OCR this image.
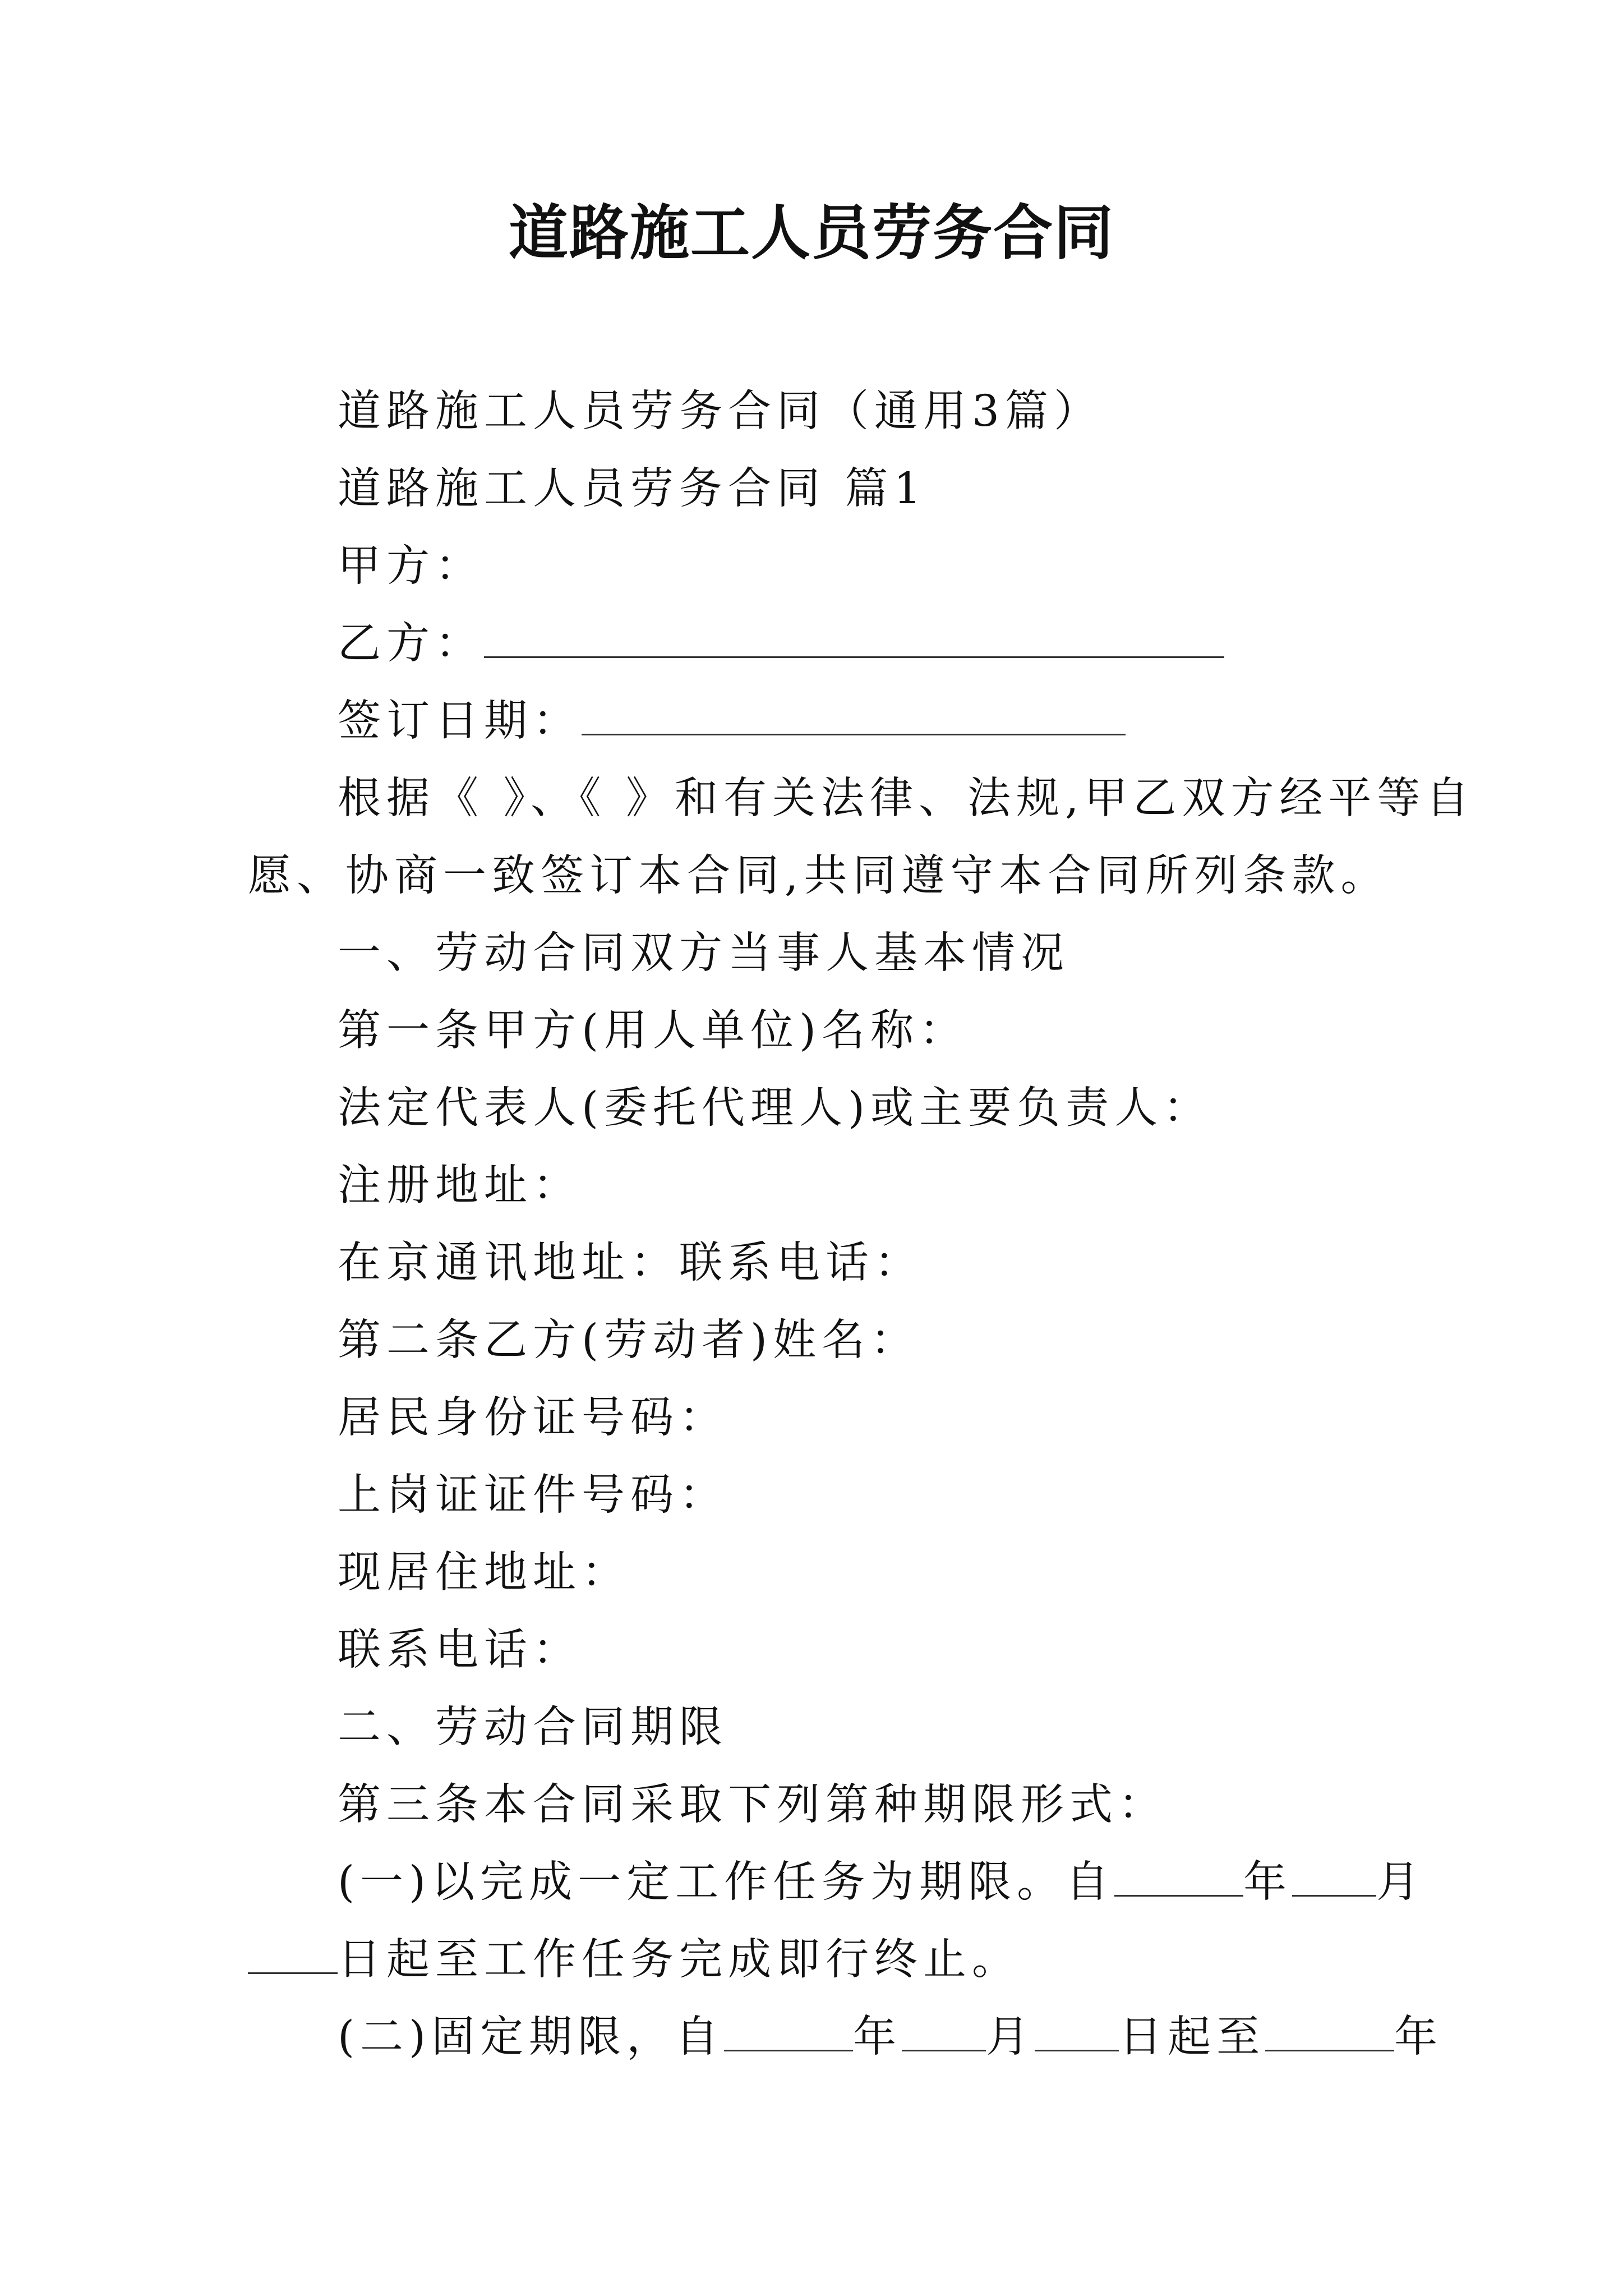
道路施工人员劳务合同
道路施工人员劳务合同（通用3篇）
道路施工人员劳务合同 篇1
甲方：
乙方：
签订日期：
根据《 》、《 》和有关法律、法规,甲乙双方经平等自
愿、协商一致签订本合同,共同遵守本合同所列条款。
一、劳动合同双方当事人基本情况
第一条甲方(用人单位)名称：
法定代表人(委托代理人)或主要负责人：
注册地址：
在京通讯地址：联系电话：
第二条乙方(劳动者)姓名：
居民身份证号码：
上岗证证件号码：
现居住地址：
联系电话：
二、劳动合同期限
第三条本合同采取下列第种期限形式：
(一)以完成一定工作任务为期限。自	年 月
日起至工作任务完成即行终止。
(二)固定期限，自	年 月 日起至	年
